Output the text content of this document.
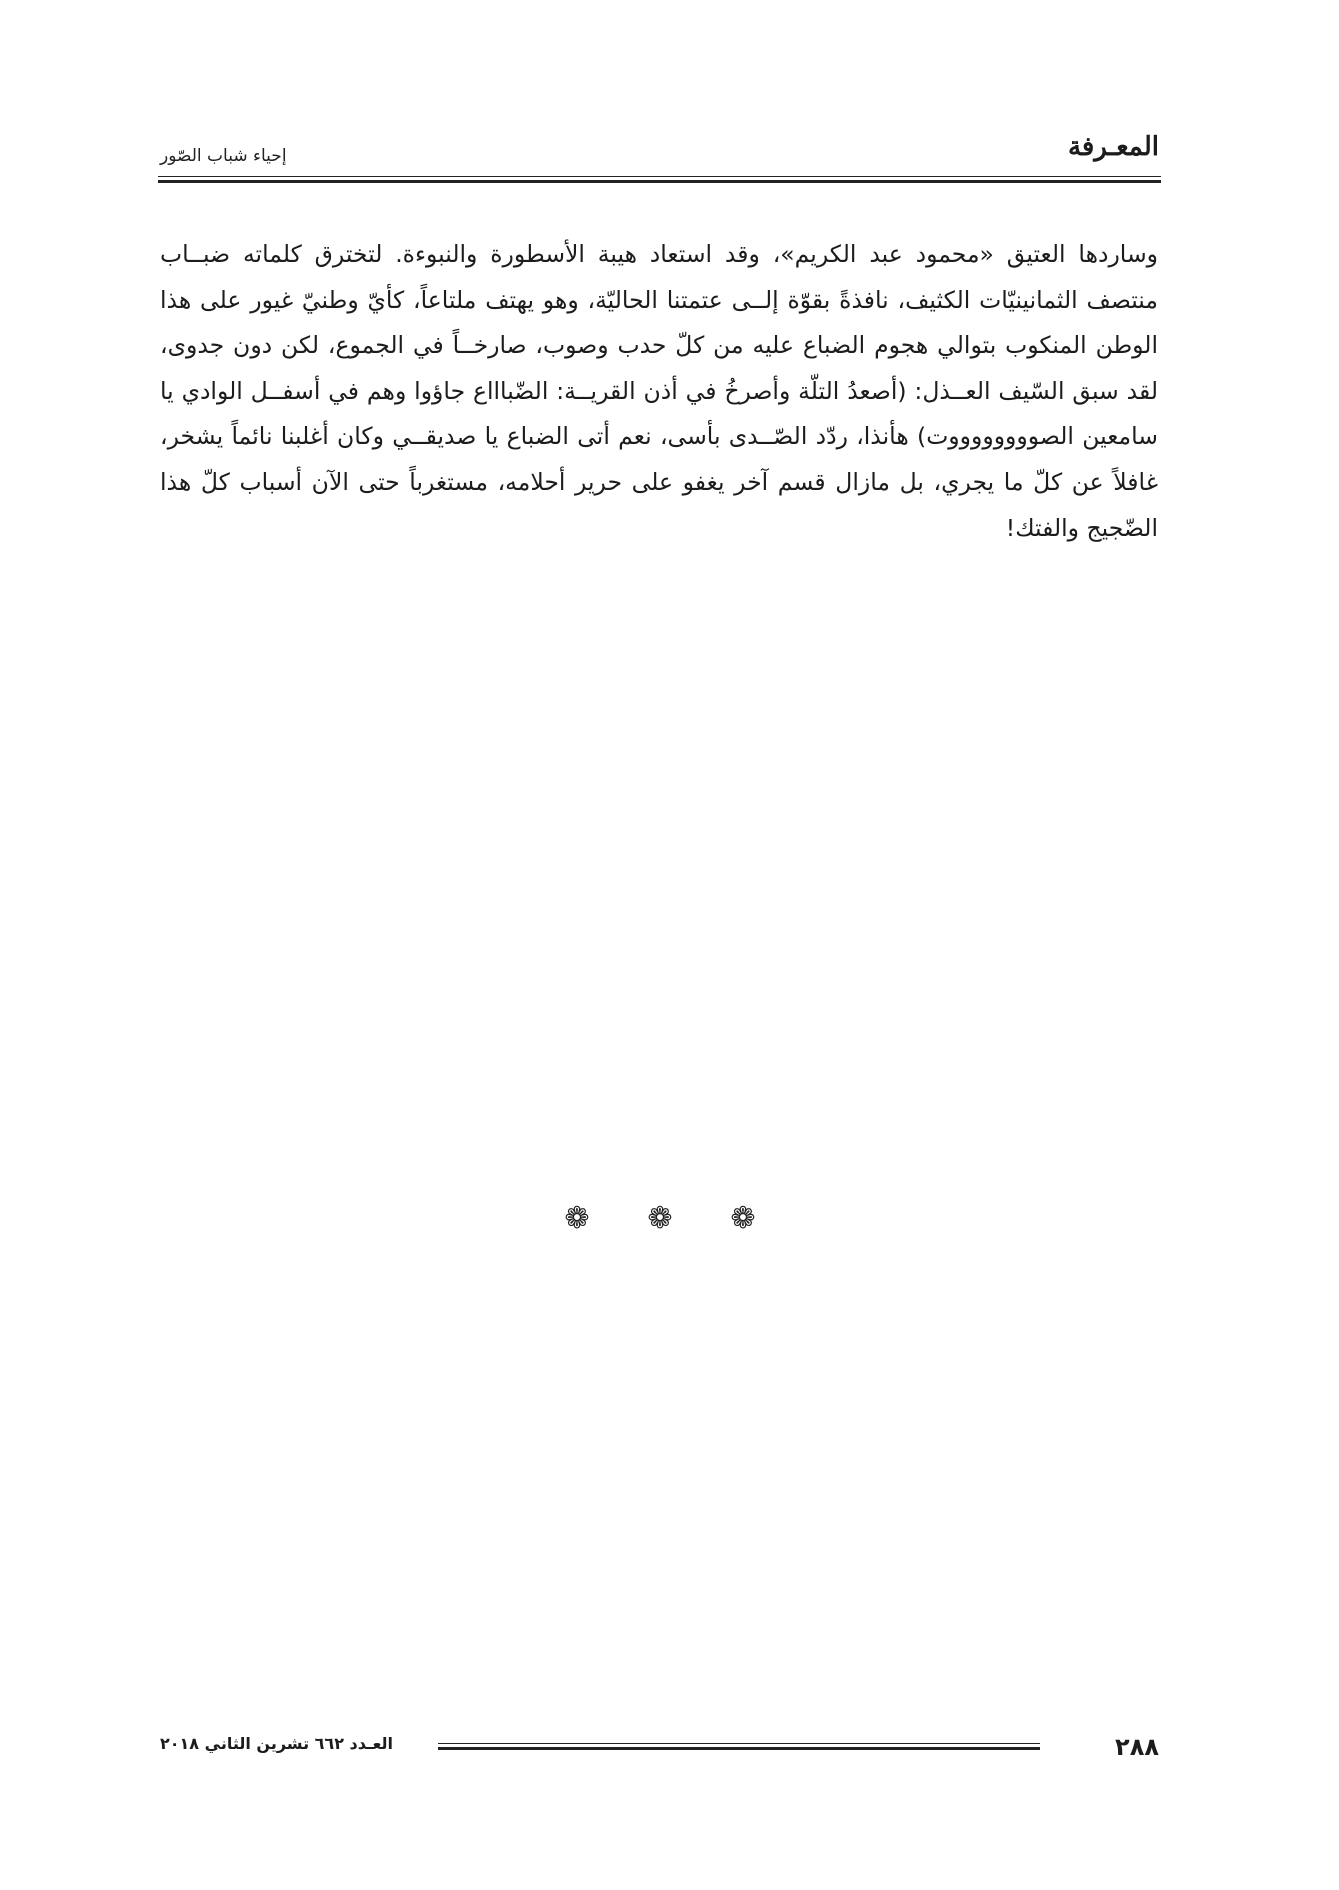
المعـرفة
إحياء شباب الصّور

وساردها العتيق «محمود عبد الكريم»، وقد استعاد هيبة الأسطورة والنبوءة. لتخترق كلماته ضبــاب منتصف الثمانينيّات الكثيف، نافذةً بقوّة إلــى عتمتنا الحاليّة، وهو يهتف ملتاعاً، كأيّ وطنيّ غيور على هذا الوطن المنكوب بتوالي هجوم الضباع عليه من كلّ حدب وصوب، صارخــاً في الجموع، لكن دون جدوى، لقد سبق السّيف العــذل: (أصعدُ التلّة وأصرخُ في أذن القريــة: الضّباااع جاؤوا وهم في أسفــل الوادي يا سامعين الصووووووووت) هأنذا، ردّد الصّــدى بأسى، نعم أتى الضباع يا صديقــي وكان أغلبنا نائماً يشخر، غافلاً عن كلّ ما يجري، بل مازال قسم آخر يغفو على حرير أحلامه، مستغرباً حتى الآن أسباب كلّ هذا الضّجيج والفتك!

❁ ❁ ❁
٢٨٨
العـدد ٦٦٢ تشرين الثاني ٢٠١٨
